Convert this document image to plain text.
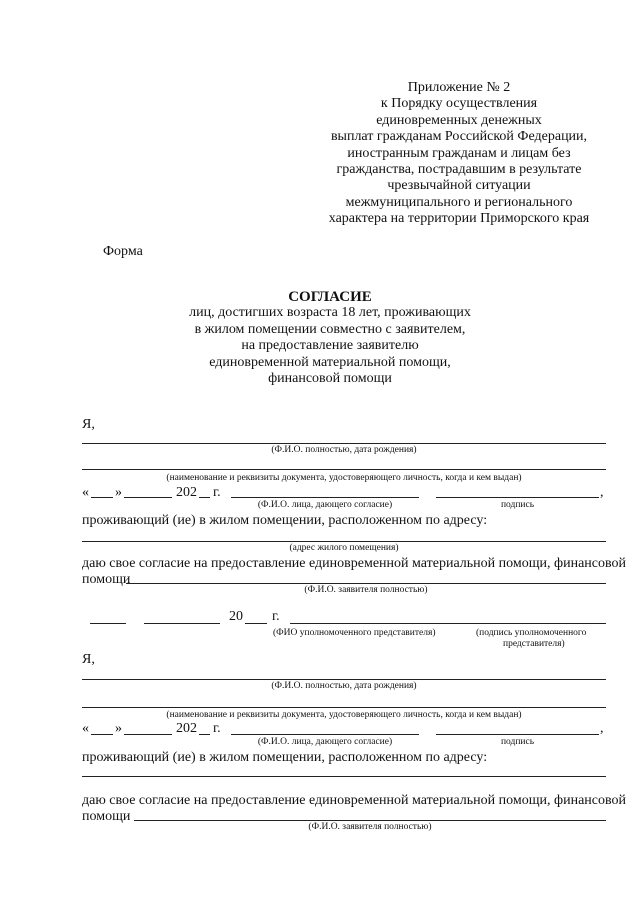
Приложение № 2
к Порядку осуществления
единовременных денежных
выплат гражданам Российской Федерации,
иностранным гражданам и лицам без
гражданства, пострадавшим в результате
чрезвычайной ситуации
межмуниципального и регионального
характера на территории Приморского края
Форма
СОГЛАСИЕ
лиц, достигших возраста 18 лет, проживающих
в жилом помещении совместно с заявителем,
на предоставление заявителю
единовременной материальной помощи,
финансовой помощи
Я,
(Ф.И.О. полностью, дата рождения)
(наименование и реквизиты документа, удостоверяющего личность, когда и кем выдан)
« »	202 г.	,
(Ф.И.О. лица, дающего согласие)	подпись
проживающий (ие) в жилом помещении, расположенном по адресу:
(адрес жилого помещения)
даю свое согласие на предоставление единовременной материальной помощи, финансовой
помощи
(Ф.И.О. заявителя полностью)
20 г.
(ФИО уполномоченного представителя)	(подпись уполномоченного
представителя)
Я,
(Ф.И.О. полностью, дата рождения)
(наименование и реквизиты документа, удостоверяющего личность, когда и кем выдан)
« »	202 г.	,
(Ф.И.О. лица, дающего согласие)	подпись
проживающий (ие) в жилом помещении, расположенном по адресу:
даю свое согласие на предоставление единовременной материальной помощи, финансовой
помощи
(Ф.И.О. заявителя полностью)
